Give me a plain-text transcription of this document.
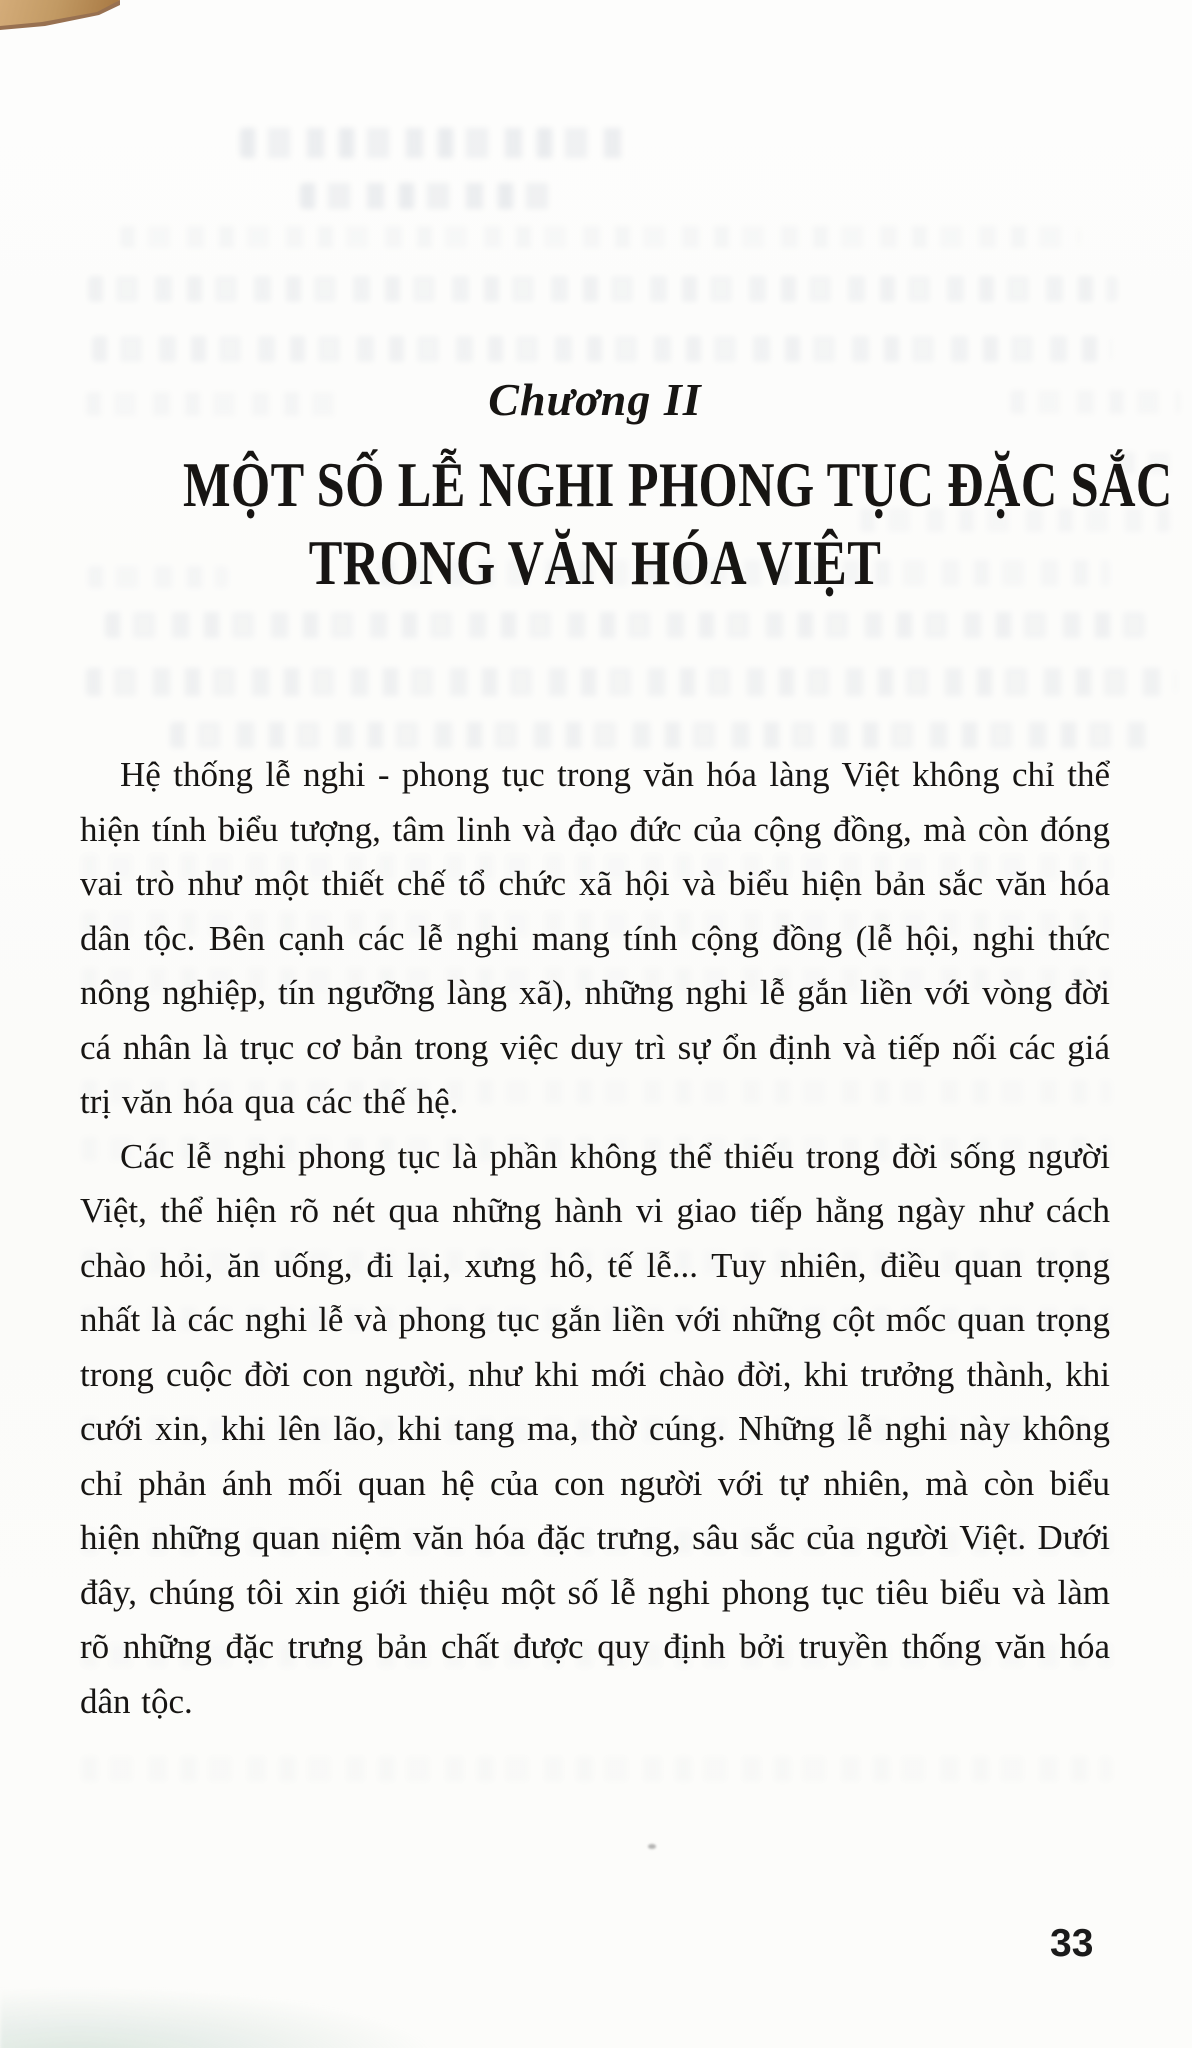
Chương II
MỘT SỐ LỄ NGHI PHONG TỤC ĐẶC SẮC
TRONG VĂN HÓA VIỆT

Hệ thống lễ nghi - phong tục trong văn hóa làng Việt không chỉ thể hiện tính biểu tượng, tâm linh và đạo đức của cộng đồng, mà còn đóng vai trò như một thiết chế tổ chức xã hội và biểu hiện bản sắc văn hóa dân tộc. Bên cạnh các lễ nghi mang tính cộng đồng (lễ hội, nghi thức nông nghiệp, tín ngưỡng làng xã), những nghi lễ gắn liền với vòng đời cá nhân là trục cơ bản trong việc duy trì sự ổn định và tiếp nối các giá trị văn hóa qua các thế hệ.

Các lễ nghi phong tục là phần không thể thiếu trong đời sống người Việt, thể hiện rõ nét qua những hành vi giao tiếp hằng ngày như cách chào hỏi, ăn uống, đi lại, xưng hô, tế lễ... Tuy nhiên, điều quan trọng nhất là các nghi lễ và phong tục gắn liền với những cột mốc quan trọng trong cuộc đời con người, như khi mới chào đời, khi trưởng thành, khi cưới xin, khi lên lão, khi tang ma, thờ cúng. Những lễ nghi này không chỉ phản ánh mối quan hệ của con người với tự nhiên, mà còn biểu hiện những quan niệm văn hóa đặc trưng, sâu sắc của người Việt. Dưới đây, chúng tôi xin giới thiệu một số lễ nghi phong tục tiêu biểu và làm rõ những đặc trưng bản chất được quy định bởi truyền thống văn hóa dân tộc.

33
